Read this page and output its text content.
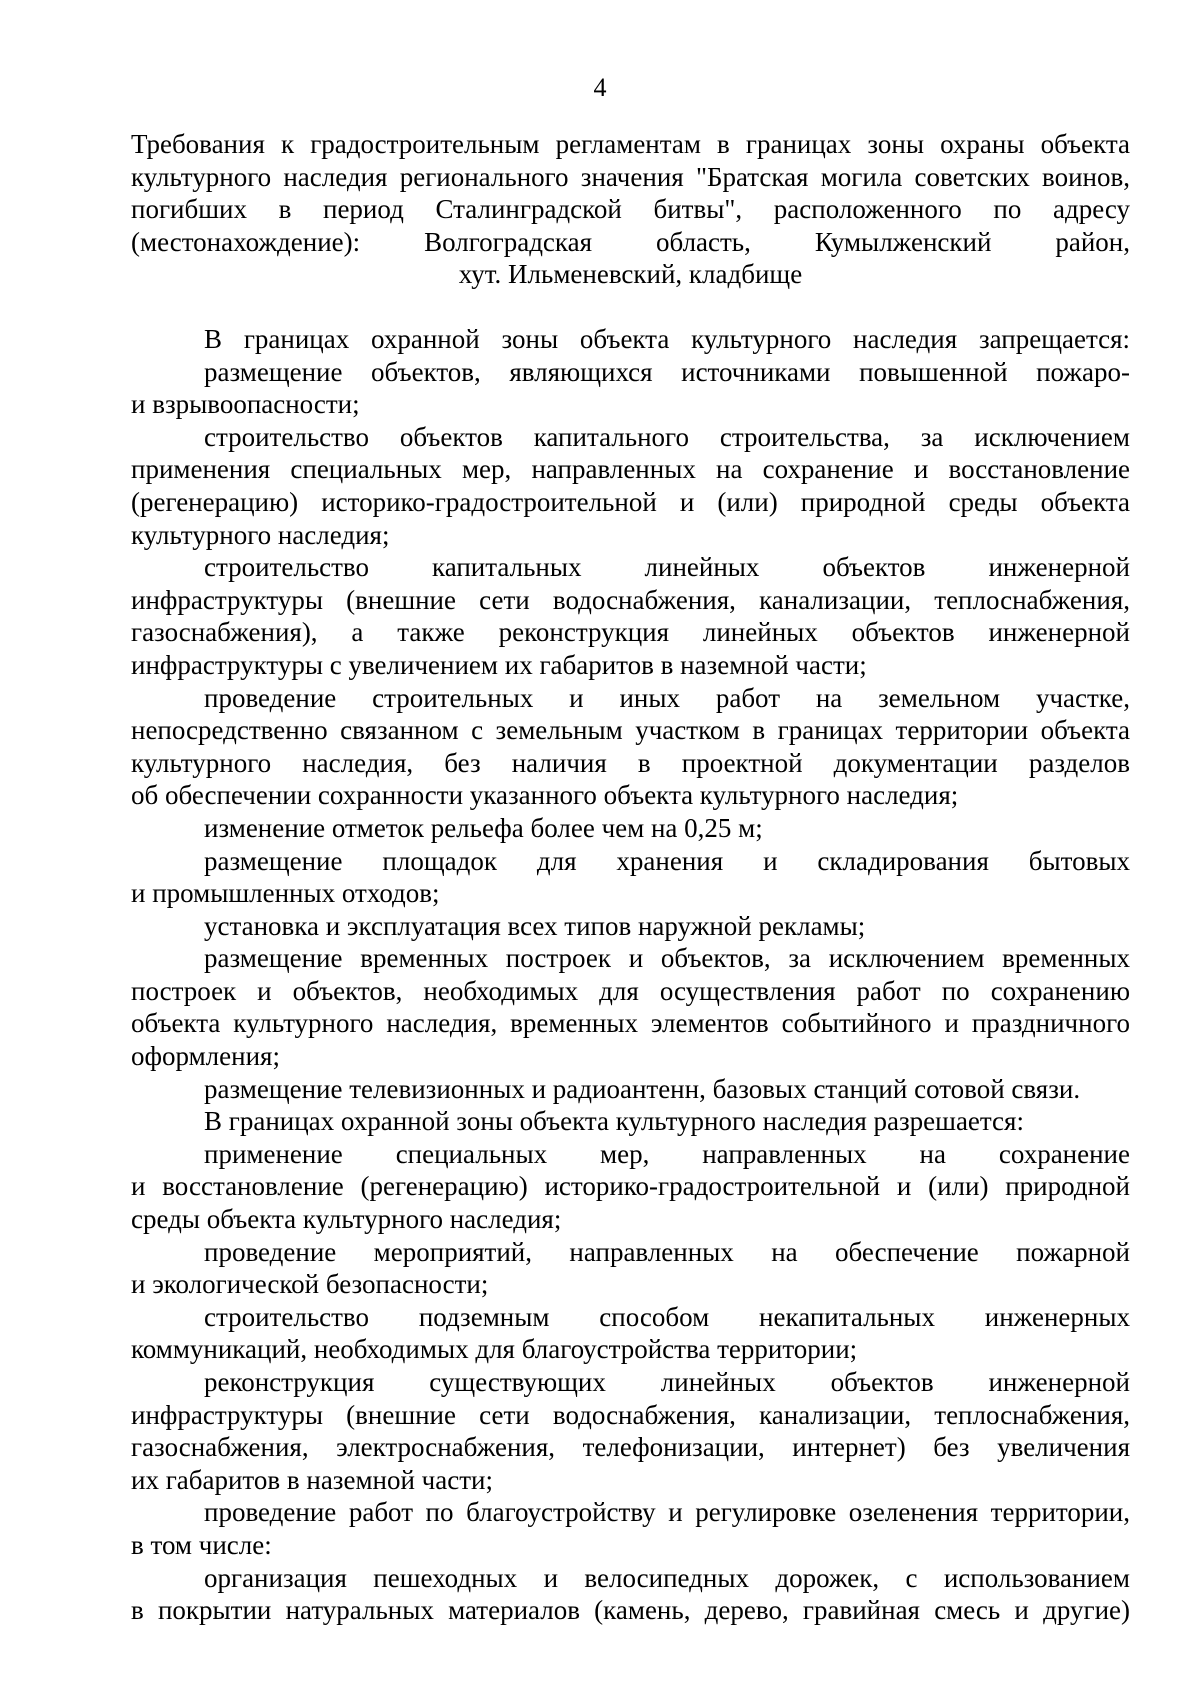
4
Требования к градостроительным регламентам в границах зоны охраны объекта
культурного наследия регионального значения "Братская могила советских воинов,
погибших в период Сталинградской битвы", расположенного по адресу
(местонахождение): Волгоградская область, Кумылженский район,
хут. Ильменевский, кладбище
В границах охранной зоны объекта культурного наследия запрещается:
размещение объектов, являющихся источниками повышенной пожаро-
и взрывоопасности;
строительство объектов капитального строительства, за исключением
применения специальных мер, направленных на сохранение и восстановление
(регенерацию) историко-градостроительной и (или) природной среды объекта
культурного наследия;
строительство капитальных линейных объектов инженерной
инфраструктуры (внешние сети водоснабжения, канализации, теплоснабжения,
газоснабжения), а также реконструкция линейных объектов инженерной
инфраструктуры с увеличением их габаритов в наземной части;
проведение строительных и иных работ на земельном участке,
непосредственно связанном с земельным участком в границах территории объекта
культурного наследия, без наличия в проектной документации разделов
об обеспечении сохранности указанного объекта культурного наследия;
изменение отметок рельефа более чем на 0,25 м;
размещение площадок для хранения и складирования бытовых
и промышленных отходов;
установка и эксплуатация всех типов наружной рекламы;
размещение временных построек и объектов, за исключением временных
построек и объектов, необходимых для осуществления работ по сохранению
объекта культурного наследия, временных элементов событийного и праздничного
оформления;
размещение телевизионных и радиоантенн, базовых станций сотовой связи.
В границах охранной зоны объекта культурного наследия разрешается:
применение специальных мер, направленных на сохранение
и восстановление (регенерацию) историко-градостроительной и (или) природной
среды объекта культурного наследия;
проведение мероприятий, направленных на обеспечение пожарной
и экологической безопасности;
строительство подземным способом некапитальных инженерных
коммуникаций, необходимых для благоустройства территории;
реконструкция существующих линейных объектов инженерной
инфраструктуры (внешние сети водоснабжения, канализации, теплоснабжения,
газоснабжения, электроснабжения, телефонизации, интернет) без увеличения
их габаритов в наземной части;
проведение работ по благоустройству и регулировке озеленения территории,
в том числе:
организация пешеходных и велосипедных дорожек, с использованием
в покрытии натуральных материалов (камень, дерево, гравийная смесь и другие)
